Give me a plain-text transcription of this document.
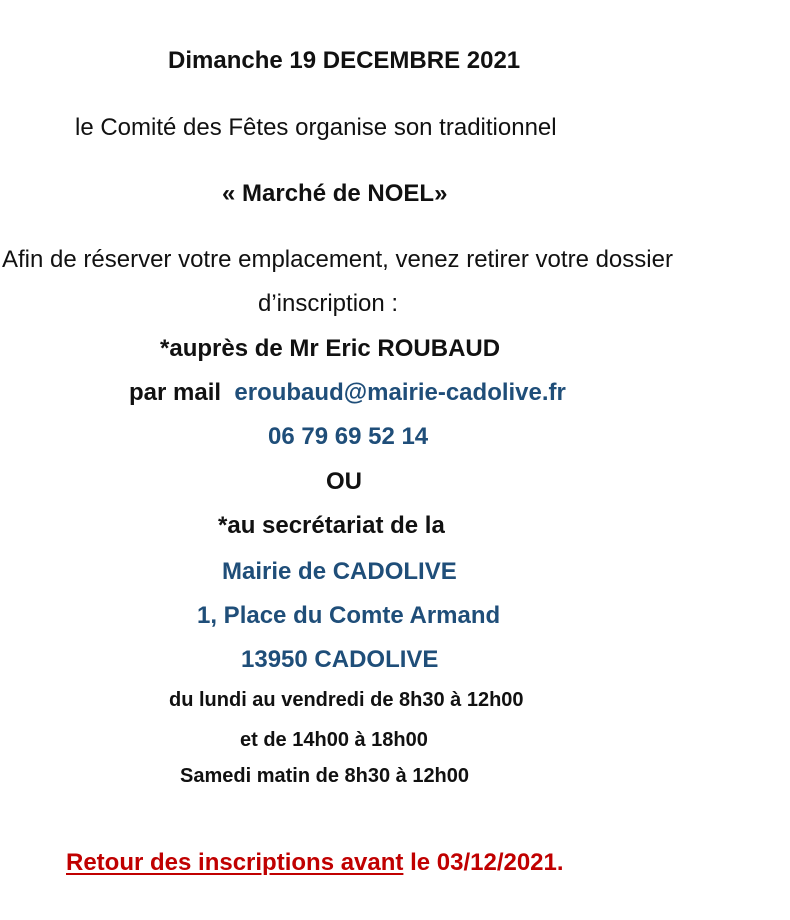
Dimanche 19 DECEMBRE 2021
le Comité des Fêtes organise son traditionnel
« Marché de NOEL»
Afin de réserver votre emplacement, venez retirer votre dossier
d’inscription :
*auprès de Mr Eric ROUBAUD
par mail eroubaud@mairie-cadolive.fr
06 79 69 52 14
OU
*au secrétariat de la
Mairie de CADOLIVE
1, Place du Comte Armand
13950 CADOLIVE
du lundi au vendredi de 8h30 à 12h00
et de 14h00 à 18h00
Samedi matin de 8h30 à 12h00
Retour des inscriptions avant le 03/12/2021.
